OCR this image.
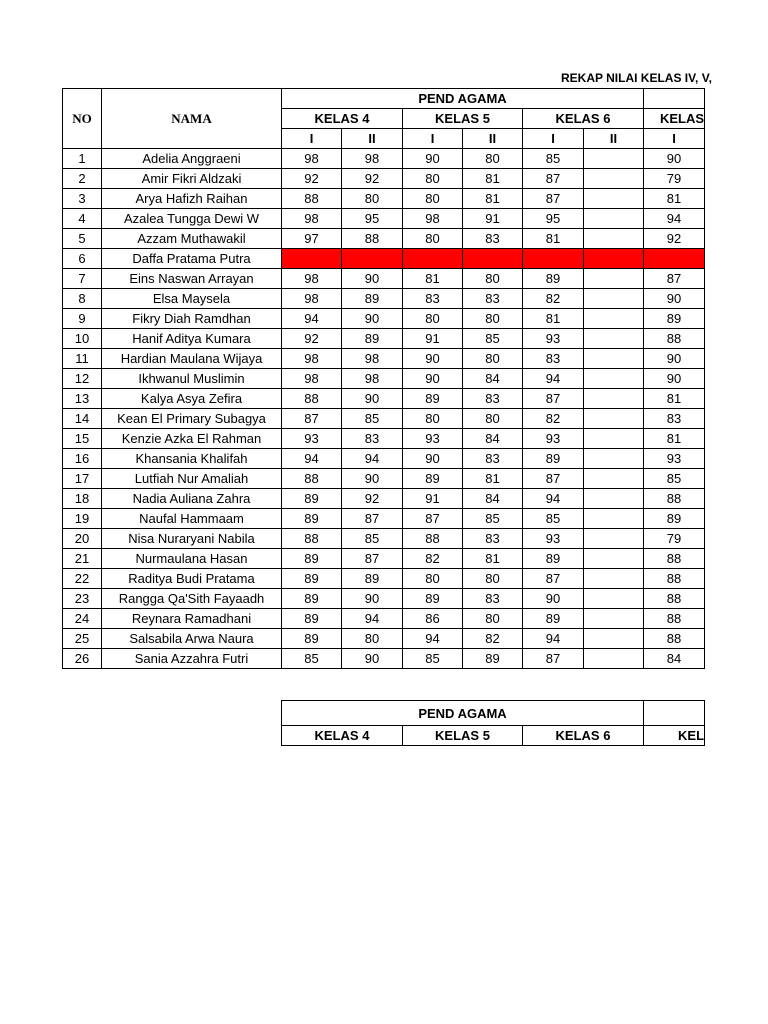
REKAP NILAI KELAS IV, V,
NO	NAMA	PEND AGAMA						
		KELAS 4		KELAS 5		KELAS 6		KELAS
		I	II	I	II	I	II	I
1	Adelia Anggraeni	98	98	90	80	85		90
2	Amir Fikri Aldzaki	92	92	80	81	87		79
3	Arya Hafizh Raihan	88	80	80	81	87		81
4	Azalea Tungga Dewi W	98	95	98	91	95		94
5	Azzam Muthawakil	97	88	80	83	81		92
6	Daffa Pratama Putra							
7	Eins Naswan Arrayan	98	90	81	80	89		87
8	Elsa Maysela	98	89	83	83	82		90
9	Fikry Diah Ramdhan	94	90	80	80	81		89
10	Hanif Aditya Kumara	92	89	91	85	93		88
11	Hardian Maulana Wijaya	98	98	90	80	83		90
12	Ikhwanul Muslimin	98	98	90	84	94		90
13	Kalya Asya Zefira	88	90	89	83	87		81
14	Kean El Primary Subagya	87	85	80	80	82		83
15	Kenzie Azka El Rahman	93	83	93	84	93		81
16	Khansania Khalifah	94	94	90	83	89		93
17	Lutfiah Nur Amaliah	88	90	89	81	87		85
18	Nadia Auliana Zahra	89	92	91	84	94		88
19	Naufal Hammaam	89	87	87	85	85		89
20	Nisa Nuraryani Nabila	88	85	88	83	93		79
21	Nurmaulana Hasan	89	87	82	81	89		88
22	Raditya Budi Pratama	89	89	80	80	87		88
23	Rangga Qa'Sith Fayaadh	89	90	89	83	90		88
24	Reynara Ramadhani	89	94	86	80	89		88
25	Salsabila Arwa Naura	89	80	94	82	94		88
26	Sania Azzahra Futri	85	90	85	89	87		84
PEND AGAMA			
KELAS 4	KELAS 5	KELAS 6	KEL
